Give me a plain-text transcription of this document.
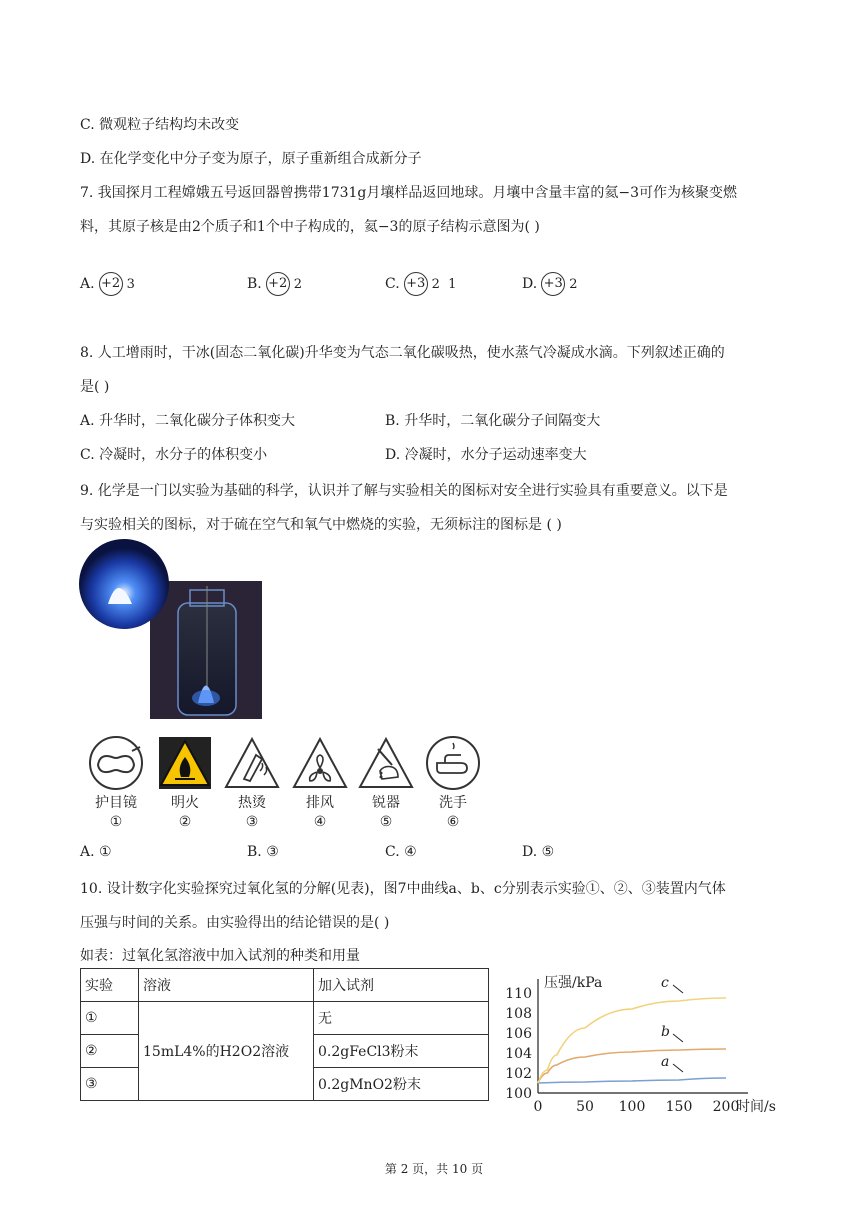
C. 微观粒子结构均未改变
D. 在化学变化中分子变为原子，原子重新组合成新分子
7. 我国探月工程嫦娥五号返回器曾携带1731g月壤样品返回地球。月壤中含量丰富的氦−3可作为核聚变燃
料，其原子核是由2个质子和1个中子构成的，氦−3的原子结构示意图为( )
A. +2 3	B. +2 2	C. +3 2 1	D. +3 2
8. 人工增雨时，干冰(固态二氧化碳)升华变为气态二氧化碳吸热，使水蒸气冷凝成水滴。下列叙述正确的
是( )
A. 升华时，二氧化碳分子体积变大	B. 升华时，二氧化碳分子间隔变大
C. 冷凝时，水分子的体积变小	D. 冷凝时，水分子运动速率变大
9. 化学是一门以实验为基础的科学，认识并了解与实验相关的图标对安全进行实验具有重要意义。以下是
与实验相关的图标，对于硫在空气和氧气中燃烧的实验，无须标注的图标是 ( )
护目镜	明火	热烫	排风	锐器	洗手
①	②	③	④	⑤	⑥
A. ①	B. ③	C. ④	D. ⑤
10. 设计数字化实验探究过氧化氢的分解(见表)，图7中曲线a、b、c分别表示实验①、②、③装置内气体
压强与时间的关系。由实验得出的结论错误的是( )
如表：过氧化氢溶液中加入试剂的种类和用量
实验	溶液	加入试剂
①	15mL4%的H2O2溶液	无
②		0.2gFeCl3粉末
③		0.2gMnO2粉末
压强/kPa
时间/s
100
102
104
106
108
110
0 50 100 150 200
a
b
c
第 2 页，共 10 页
